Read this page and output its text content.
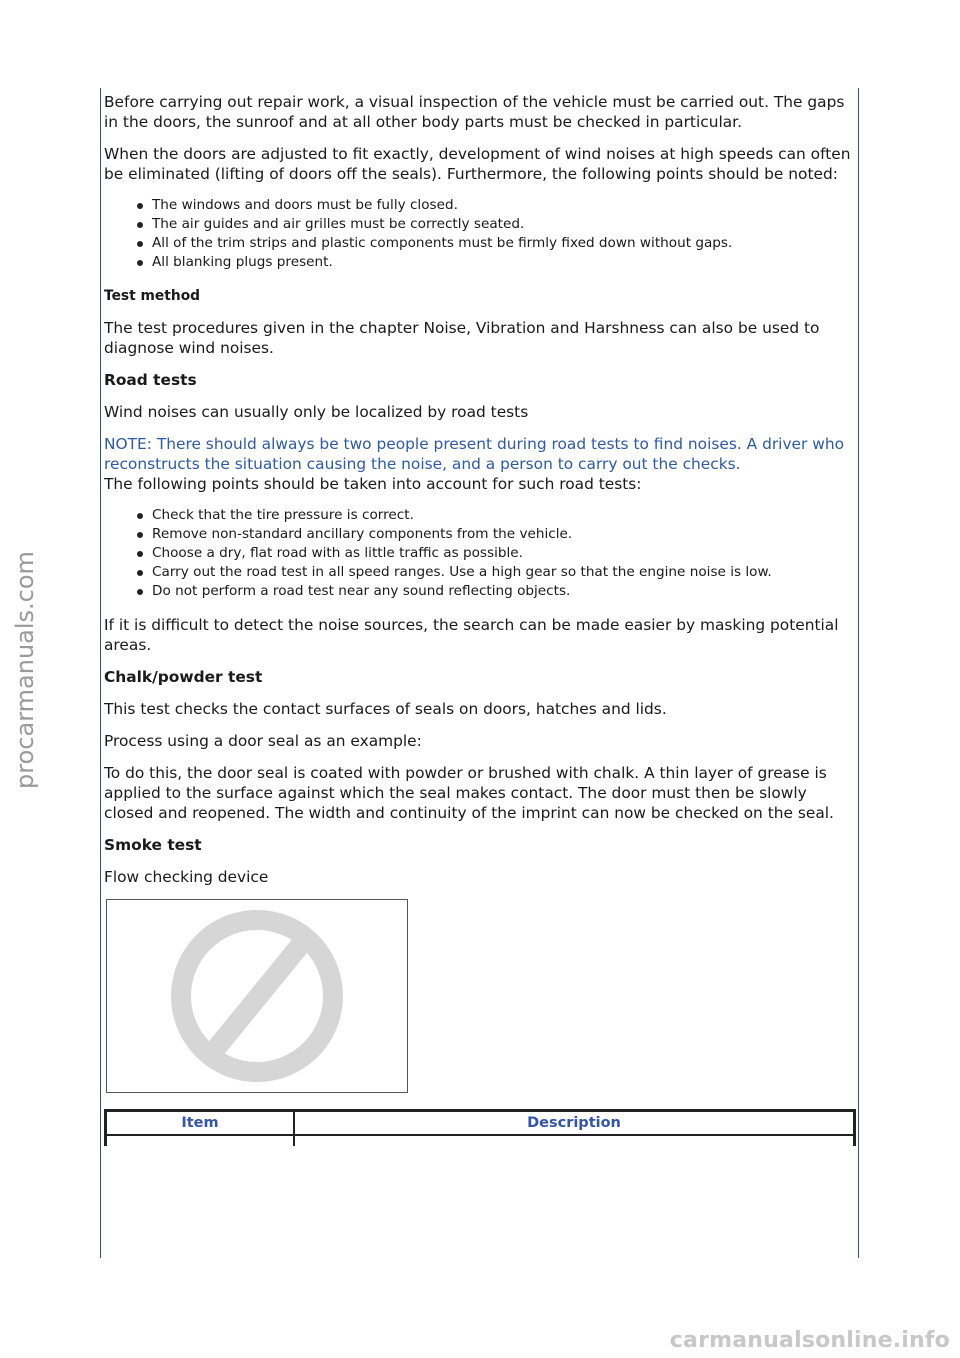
Before carrying out repair work, a visual inspection of the vehicle must be carried out. The gaps in the doors, the sunroof and at all other body parts must be checked in particular.

When the doors are adjusted to fit exactly, development of wind noises at high speeds can often be eliminated (lifting of doors off the seals). Furthermore, the following points should be noted:

The windows and doors must be fully closed.
The air guides and air grilles must be correctly seated.
All of the trim strips and plastic components must be firmly fixed down without gaps.
All blanking plugs present.
Test method

The test procedures given in the chapter Noise, Vibration and Harshness can also be used to diagnose wind noises.

Road tests

Wind noises can usually only be localized by road tests

NOTE: There should always be two people present during road tests to find noises. A driver who reconstructs the situation causing the noise, and a person to carry out the checks.

The following points should be taken into account for such road tests:

Check that the tire pressure is correct.
Remove non-standard ancillary components from the vehicle.
Choose a dry, flat road with as little traffic as possible.
Carry out the road test in all speed ranges. Use a high gear so that the engine noise is low.
Do not perform a road test near any sound reflecting objects.

If it is difficult to detect the noise sources, the search can be made easier by masking potential areas.

Chalk/powder test

This test checks the contact surfaces of seals on doors, hatches and lids.

Process using a door seal as an example:

To do this, the door seal is coated with powder or brushed with chalk. A thin layer of grease is applied to the surface against which the seal makes contact. The door must then be slowly closed and reopened. The width and continuity of the imprint can now be checked on the seal.

Smoke test

Flow checking device

Item	Description

procarmanuals.com
carmanualsonline.info
